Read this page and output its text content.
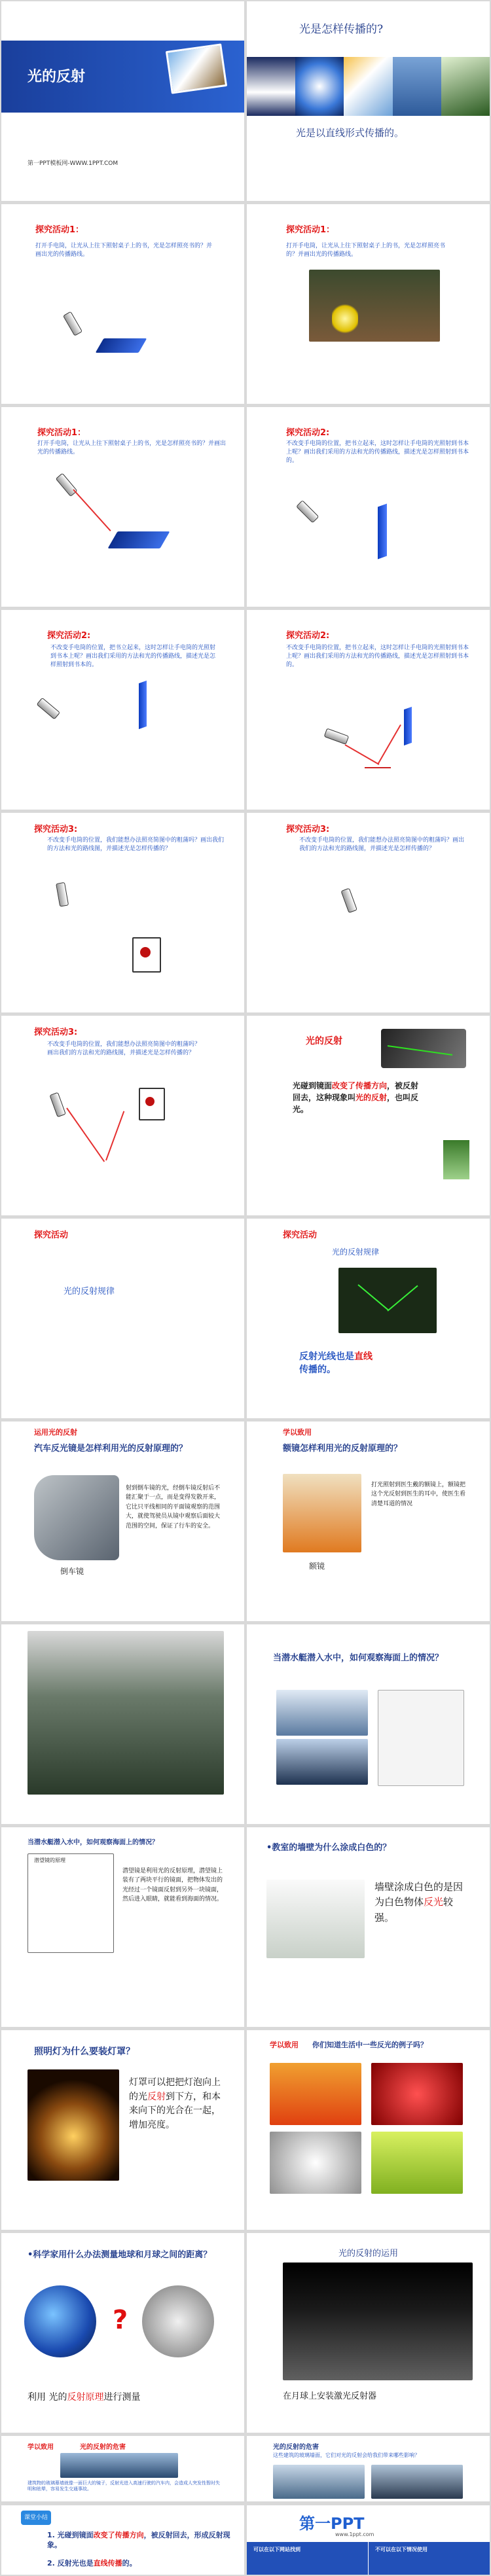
光的反射
第一PPT模板网-WWW.1PPT.COM
光是怎样传播的?
光是以直线形式传播的。
探究活动1：
打开手电筒，让光从上往下照射桌子上的书，光是怎样照亮书的？并画出光的传播路线。
探究活动1：
打开手电筒，让光从上往下照射桌子上的书，光是怎样照亮书的？并画出光的传播路线。
探究活动1：
打开手电筒，让光从上往下照射桌子上的书，光是怎样照亮书的？并画出光的传播路线。
探究活动2:
不改变手电筒的位置，把书立起来，这时怎样让手电筒的光照射到书本上呢？画出我们采用的方法和光的传播路线，描述光是怎样照射到书本的。
探究活动2:
不改变手电筒的位置，把书立起来，这时怎样让手电筒的光照射到书本上呢？画出我们采用的方法和光的传播路线，描述光是怎样照射到书本的。
探究活动2:
不改变手电筒的位置，把书立起来，这时怎样让手电筒的光照射到书本上呢？画出我们采用的方法和光的传播路线，描述光是怎样照射到书本的。
探究活动3:
不改变手电筒的位置，我们能想办法照亮简图中的粗蒲吗？画出我们的方法和光的路线图，并描述光是怎样传播的？
探究活动3:
不改变手电筒的位置，我们能想办法照亮简图中的粗蒲吗？画出我们的方法和光的路线图，并描述光是怎样传播的？
探究活动3:
不改变手电筒的位置，我们能想办法照亮简图中的粗蒲吗？画出我们的方法和光的路线图，并描述光是怎样传播的？
光的反射
光碰到镜面改变了传播方向，被反射回去，这种现象叫光的反射，也叫反光。
探究活动
光的反射规律
探究活动
光的反射规律
反射光线也是直线
传播的。
运用光的反射
汽车反光镜是怎样利用光的反射原理的？
射到倒车镜的光，经倒车镜反射后不能汇聚于一点，而是变得发散开来，它比只平线相同的平面镜观察的范围大，就使驾驶员从镜中观察后面较大范围的空间，保证了行车的安全。
倒车镜
学以致用
额镜怎样利用光的反射原理的？
打光照射到医生戴的额镜上，额镜把这个光反射到医生的耳中，使医生看清楚耳道的情况
额镜
当潜水艇潜入水中，如何观察海面上的情况？
当潜水艇潜入水中，如何观察海面上的情况？
潜望镜的原理
潜望镜是利用光的反射原理，潜望镜上装有了两块平行的镜面，把物体发出的光经过一个镜面反射到另外一块镜面，然后进入眼睛，就能看到海面的情况。
•教室的墙壁为什么涂成白色的？
墙壁涂成白色的是因为白色物体反光较强。
照明灯为什么要装灯罩？
灯罩可以把把灯泡向上的光反射到下方，和本来向下的光合在一起，增加亮度。
学以致用 你们知道生活中一些反光的例子吗？
•科学家用什么办法测量地球和月球之间的距离？
?
利用 光的反射原理进行测量
光的反射的运用
在月球上安装激光反射器
学以致用	光的反射的危害
建筑物的玻璃幕墙就像一面巨大的镜子，反射光进入高速行驶的汽车内，会造成人突发性暂时失明和眩晕，容易发生交通事故。
光的反射的危害
这些建筑的玻璃墙面，它们对光的反射会给我们带来哪些影响？
课堂小结
1. 光碰到镜面改变了传播方向，被反射回去，形成反射现象。
2. 反射光也是直线传播的。
第一PPT
www.1ppt.com
可以在以下网站找到	不可以在以下情况使用
